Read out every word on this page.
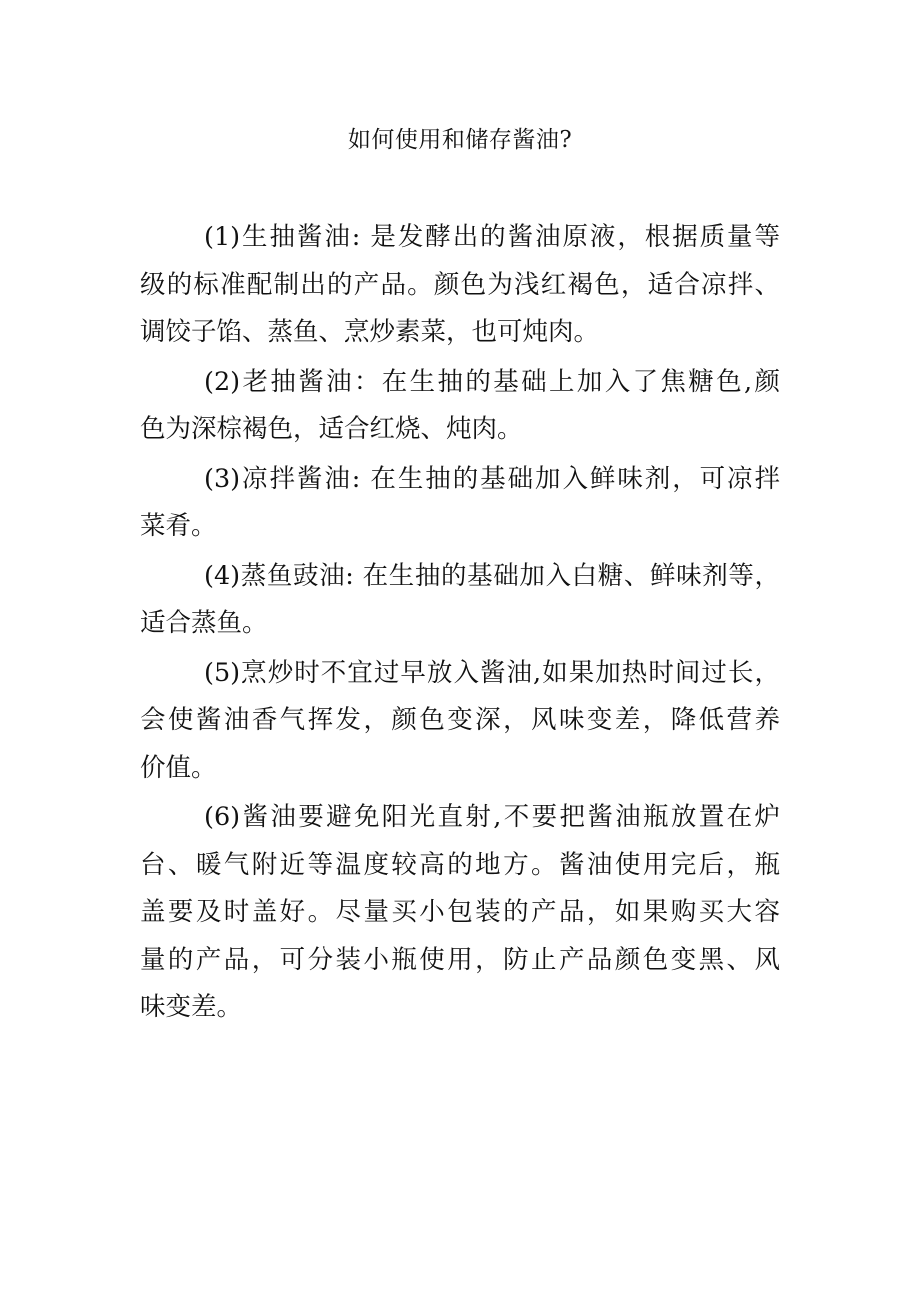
如何使用和储存酱油?

(1)生抽酱油: 是发酵出的酱油原液，根据质量等
级的标准配制出的产品。颜色为浅红褐色，适合凉拌、
调饺子馅、蒸鱼、烹炒素菜，也可炖肉。

(2)老抽酱油：在生抽的基础上加入了焦糖色,颜
色为深棕褐色，适合红烧、炖肉。

(3)凉拌酱油: 在生抽的基础加入鲜味剂，可凉拌
菜肴。

(4)蒸鱼豉油: 在生抽的基础加入白糖、鲜味剂等，
适合蒸鱼。

(5)烹炒时不宜过早放入酱油,如果加热时间过长，
会使酱油香气挥发，颜色变深，风味变差，降低营养
价值。

(6)酱油要避免阳光直射,不要把酱油瓶放置在炉
台、暖气附近等温度较高的地方。酱油使用完后，瓶
盖要及时盖好。尽量买小包装的产品，如果购买大容
量的产品，可分装小瓶使用，防止产品颜色变黑、风
味变差。
